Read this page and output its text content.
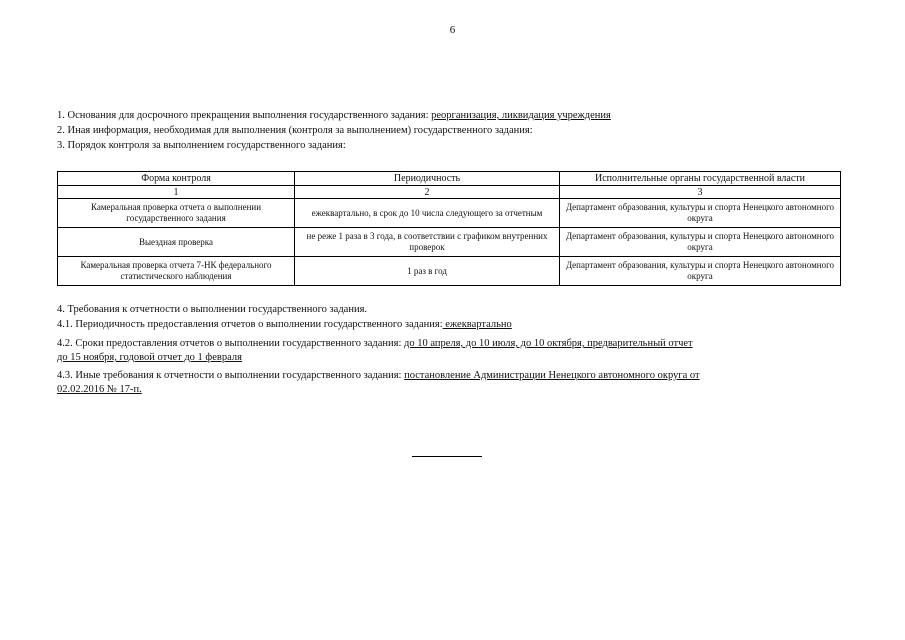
6
1. Основания для досрочного прекращения выполнения государственного задания: реорганизация, ликвидация учреждения
2. Иная информация, необходимая для выполнения (контроля за выполнением) государственного задания:
3. Порядок контроля за выполнением государственного задания:
Форма контроля	Периодичность	Исполнительные органы государственной власти
1	2	3
Камеральная проверка отчета о выполнении государственного задания	ежеквартально, в срок до 10 числа следующего за отчетным	Департамент образования, культуры и спорта Ненецкого автономного округа
Выездная проверка	не реже 1 раза в 3 года, в соответствии с графиком внутренних проверок	Департамент образования, культуры и спорта Ненецкого автономного округа
Камеральная проверка отчета 7-НК федерального статистического наблюдения	1 раз в год	Департамент образования, культуры и спорта Ненецкого автономного округа
4. Требования к отчетности о выполнении государственного задания.
4.1. Периодичность предоставления отчетов о выполнении государственного задания: ежеквартально
4.2. Сроки предоставления отчетов о выполнении государственного задания: до 10 апреля, до 10 июля, до 10 октября, предварительный отчет
до 15 ноября, годовой отчет до 1 февраля
4.3. Иные требования к отчетности о выполнении государственного задания: постановление Администрации Ненецкого автономного округа от
02.02.2016 № 17-п.
